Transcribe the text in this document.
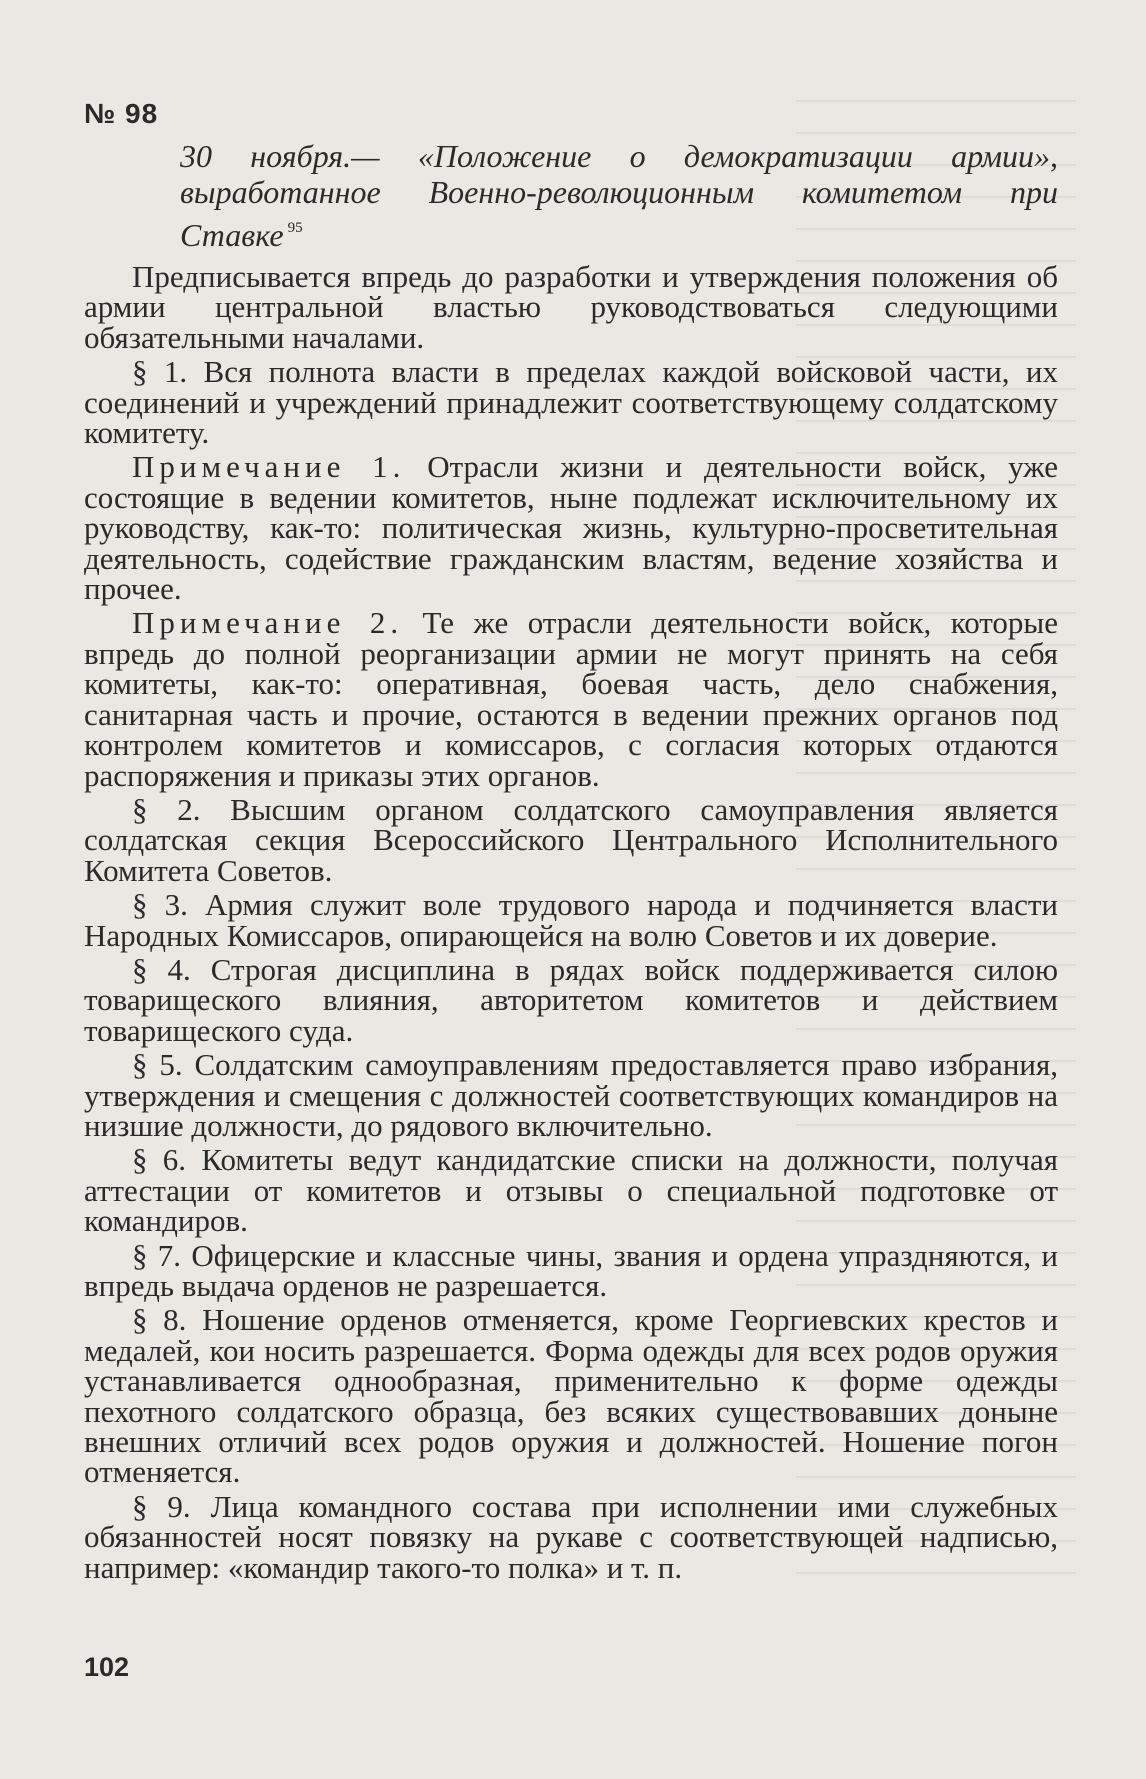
№ 98
30 ноября.— «Положение о демократизации армии», выработанное Военно-революционным комитетом при Ставке $^{95}$

Предписывается впредь до разработки и утверждения положения об армии центральной властью руководствоваться следующими обязательными началами.

§ 1. Вся полнота власти в пределах каждой войсковой части, их соединений и учреждений принадлежит соответствующему солдатскому комитету.

Примечание 1. Отрасли жизни и деятельности войск, уже состоящие в ведении комитетов, ныне подлежат исключительному их руководству, как-то: политическая жизнь, культурно-просветительная деятельность, содействие гражданским властям, ведение хозяйства и прочее.

Примечание 2. Те же отрасли деятельности войск, которые впредь до полной реорганизации армии не могут принять на себя комитеты, как-то: оперативная, боевая часть, дело снабжения, санитарная часть и прочие, остаются в ведении прежних органов под контролем комитетов и комиссаров, с согласия которых отдаются распоряжения и приказы этих органов.

§ 2. Высшим органом солдатского самоуправления является солдатская секция Всероссийского Центрального Исполнительного Комитета Советов.

§ 3. Армия служит воле трудового народа и подчиняется власти Народных Комиссаров, опирающейся на волю Советов и их доверие.

§ 4. Строгая дисциплина в рядах войск поддерживается силою товарищеского влияния, авторитетом комитетов и действием товарищеского суда.

§ 5. Солдатским самоуправлениям предоставляется право избрания, утверждения и смещения с должностей соответствующих командиров на низшие должности, до рядового включительно.

§ 6. Комитеты ведут кандидатские списки на должности, получая аттестации от комитетов и отзывы о специальной подготовке от командиров.

§ 7. Офицерские и классные чины, звания и ордена упраздняются, и впредь выдача орденов не разрешается.

§ 8. Ношение орденов отменяется, кроме Георгиевских крестов и медалей, кои носить разрешается. Форма одежды для всех родов оружия устанавливается однообразная, применительно к форме одежды пехотного солдатского образца, без всяких существовавших доныне внешних отличий всех родов оружия и должностей. Ношение погон отменяется.

§ 9. Лица командного состава при исполнении ими служебных обязанностей носят повязку на рукаве с соответствующей надписью, например: «командир такого-то полка» и т. п.

102
